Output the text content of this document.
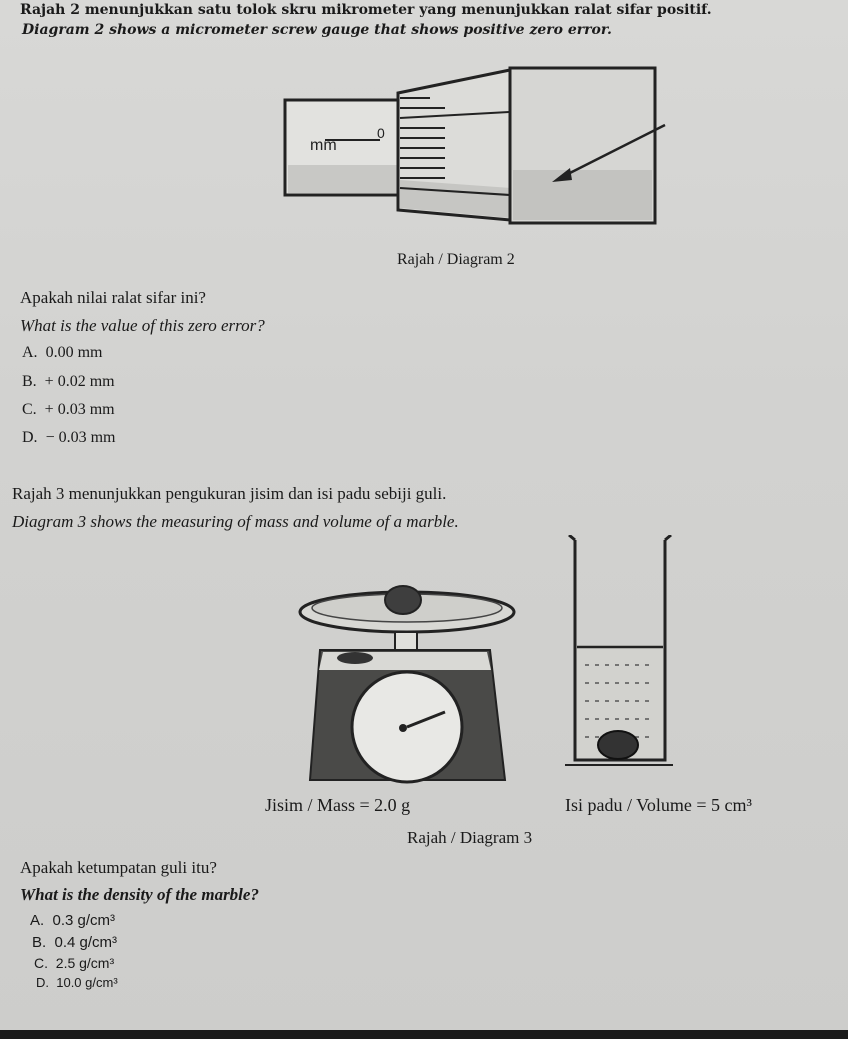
Rajah 2 menunjukkan satu tolok skru mikrometer yang menunjukkan ralat sifar positif.
Diagram 2 shows a micrometer screw gauge that shows positive zero error.
mm
0
Rajah / Diagram 2
Apakah nilai ralat sifar ini?
What is the value of this zero error?
A. 0.00 mm
B. + 0.02 mm
C. + 0.03 mm
D. − 0.03 mm
Rajah 3 menunjukkan pengukuran jisim dan isi padu sebiji guli.
Diagram 3 shows the measuring of mass and volume of a marble.
Jisim / Mass = 2.0 g	Isi padu / Volume = 5 cm³
Rajah / Diagram 3
Apakah ketumpatan guli itu?
What is the density of the marble?
A. 0.3 g/cm³
B. 0.4 g/cm³
C. 2.5 g/cm³
D. 10.0 g/cm³
